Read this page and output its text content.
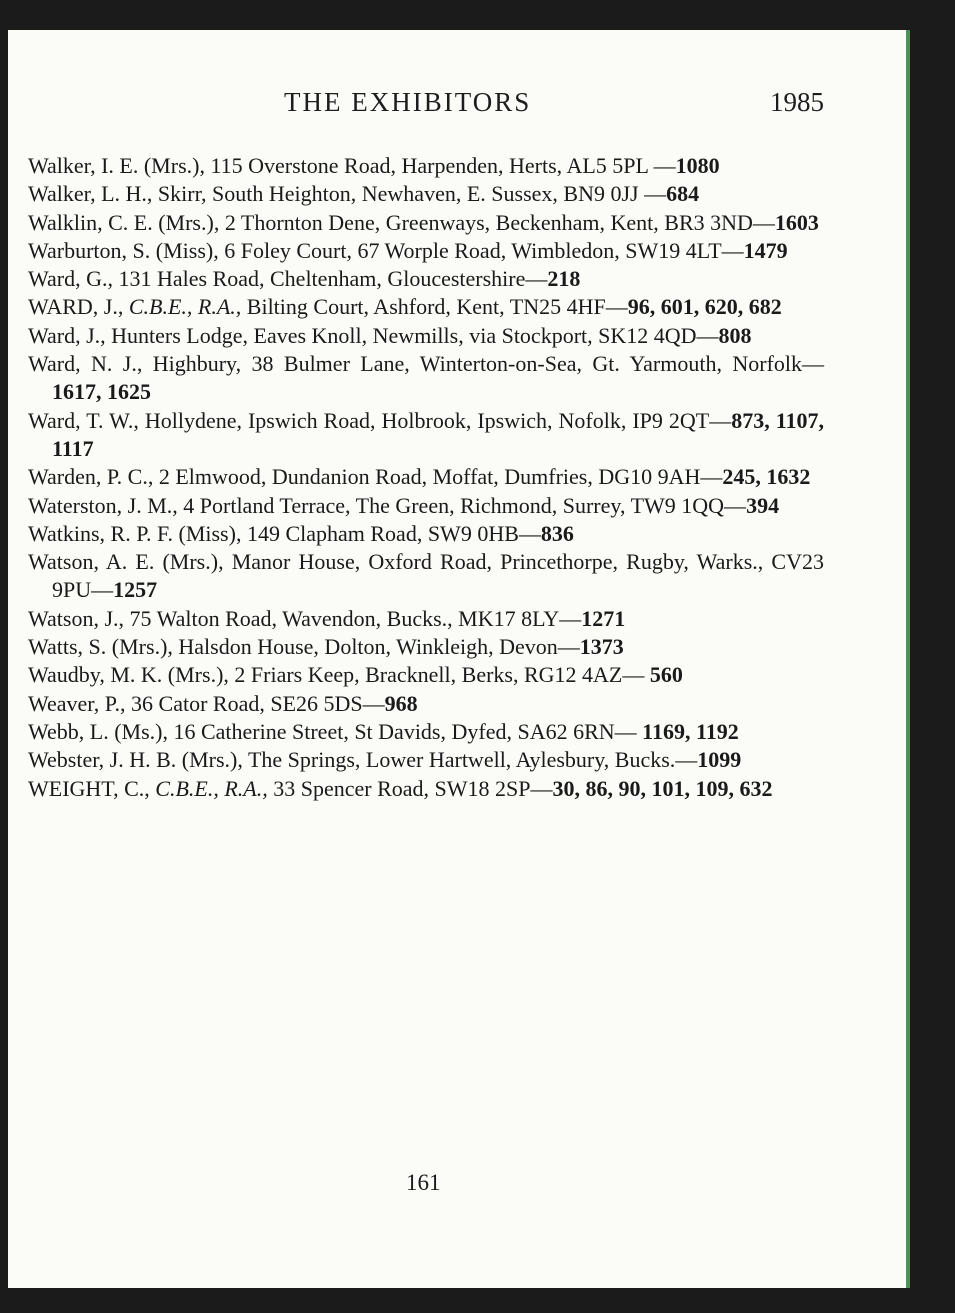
THE EXHIBITORS	1985

Walker, I. E. (Mrs.), 115 Overstone Road, Harpenden, Herts, AL5 5PL —1080

Walker, L. H., Skirr, South Heighton, Newhaven, E. Sussex, BN9 0JJ —684

Walklin, C. E. (Mrs.), 2 Thornton Dene, Greenways, Beckenham, Kent, BR3 3ND—1603

Warburton, S. (Miss), 6 Foley Court, 67 Worple Road, Wimbledon, SW19 4LT—1479

Ward, G., 131 Hales Road, Cheltenham, Gloucestershire—218

WARD, J., C.B.E., R.A., Bilting Court, Ashford, Kent, TN25 4HF—96, 601, 620, 682

Ward, J., Hunters Lodge, Eaves Knoll, Newmills, via Stockport, SK12 4QD—808

Ward, N. J., Highbury, 38 Bulmer Lane, Winterton-on-Sea, Gt. Yarmouth, Norfolk—1617, 1625

Ward, T. W., Hollydene, Ipswich Road, Holbrook, Ipswich, Nofolk, IP9 2QT—873, 1107, 1117

Warden, P. C., 2 Elmwood, Dundanion Road, Moffat, Dumfries, DG10 9AH—245, 1632

Waterston, J. M., 4 Portland Terrace, The Green, Richmond, Surrey, TW9 1QQ—394

Watkins, R. P. F. (Miss), 149 Clapham Road, SW9 0HB—836

Watson, A. E. (Mrs.), Manor House, Oxford Road, Princethorpe, Rugby, Warks., CV23 9PU—1257

Watson, J., 75 Walton Road, Wavendon, Bucks., MK17 8LY—1271

Watts, S. (Mrs.), Halsdon House, Dolton, Winkleigh, Devon—1373

Waudby, M. K. (Mrs.), 2 Friars Keep, Bracknell, Berks, RG12 4AZ— 560

Weaver, P., 36 Cator Road, SE26 5DS—968

Webb, L. (Ms.), 16 Catherine Street, St Davids, Dyfed, SA62 6RN— 1169, 1192

Webster, J. H. B. (Mrs.), The Springs, Lower Hartwell, Aylesbury, Bucks.—1099

WEIGHT, C., C.B.E., R.A., 33 Spencer Road, SW18 2SP—30, 86, 90, 101, 109, 632

161
